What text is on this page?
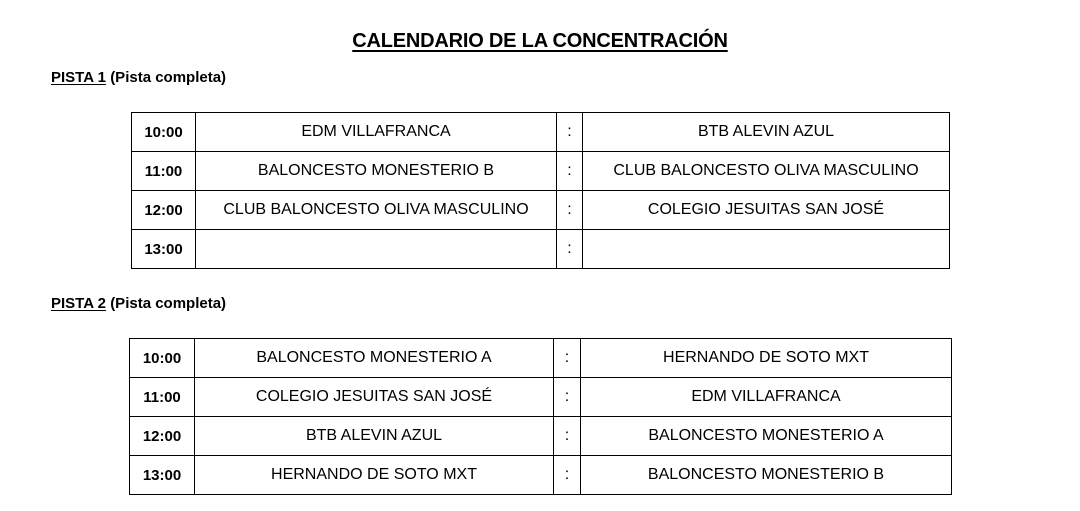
CALENDARIO DE LA CONCENTRACIÓN
PISTA 1 (Pista completa)
10:00	EDM VILLAFRANCA	:	BTB ALEVIN AZUL
11:00	BALONCESTO MONESTERIO B	:	CLUB BALONCESTO OLIVA MASCULINO
12:00	CLUB BALONCESTO OLIVA MASCULINO	:	COLEGIO JESUITAS SAN JOSÉ
13:00		:	
PISTA 2 (Pista completa)
10:00	BALONCESTO MONESTERIO A	:	HERNANDO DE SOTO MXT
11:00	COLEGIO JESUITAS SAN JOSÉ	:	EDM VILLAFRANCA
12:00	BTB ALEVIN AZUL	:	BALONCESTO MONESTERIO A
13:00	HERNANDO DE SOTO MXT	:	BALONCESTO MONESTERIO B
